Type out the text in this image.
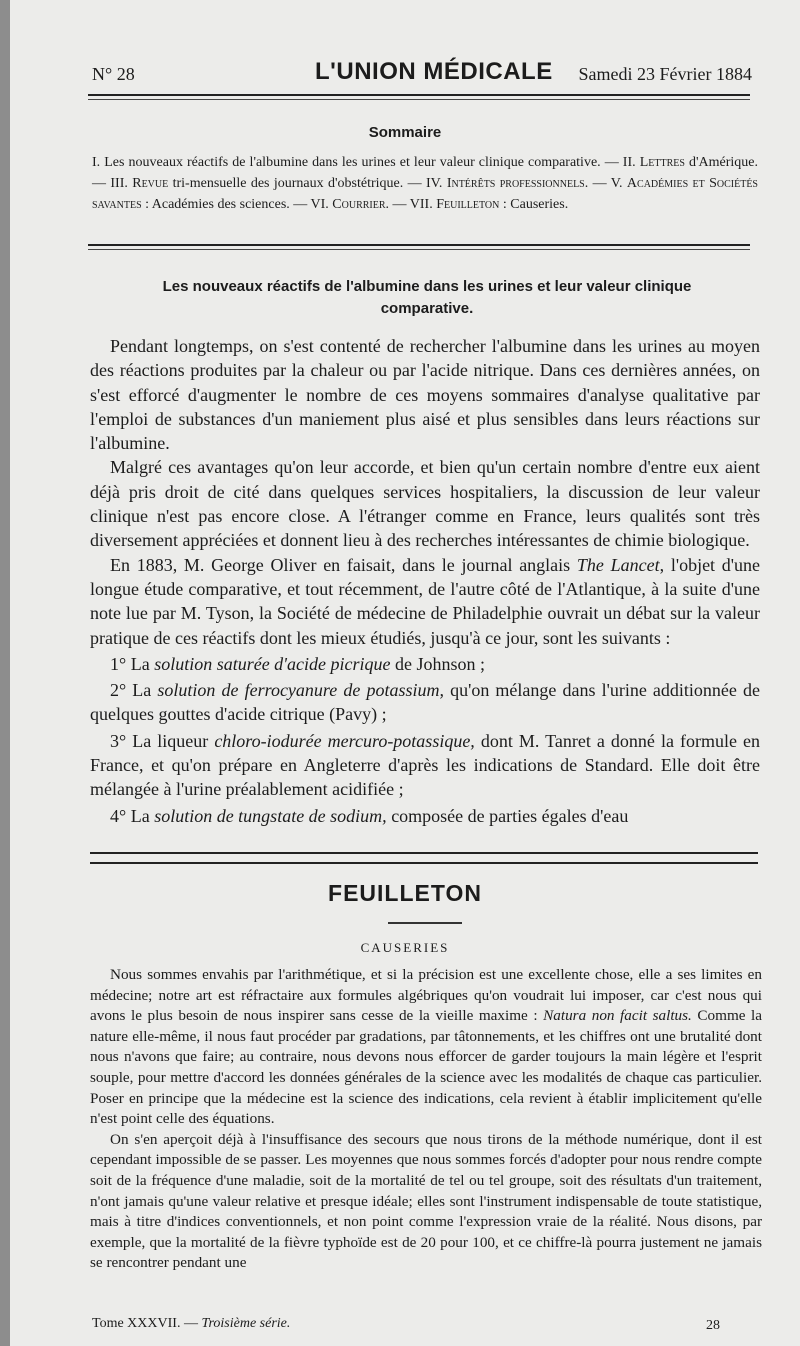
N° 28	L'UNION MÉDICALE Samedi 23 Février 1884
Sommaire
I. Les nouveaux réactifs de l'albumine dans les urines et leur valeur clinique comparative. — II. Lettres d'Amérique. — III. Revue tri-mensuelle des journaux d'obstétrique. — IV. Intérêts professionnels. — V. Académies et Sociétés savantes : Académies des sciences. — VI. Courrier. — VII. Feuilleton : Causeries.
Les nouveaux réactifs de l'albumine dans les urines et leur valeur clinique
comparative.

Pendant longtemps, on s'est contenté de rechercher l'albumine dans les urines au moyen des réactions produites par la chaleur ou par l'acide nitrique. Dans ces dernières années, on s'est efforcé d'augmenter le nombre de ces moyens sommaires d'analyse qualitative par l'emploi de substances d'un maniement plus aisé et plus sensibles dans leurs réactions sur l'albumine.

Malgré ces avantages qu'on leur accorde, et bien qu'un certain nombre d'entre eux aient déjà pris droit de cité dans quelques services hospitaliers, la discussion de leur valeur clinique n'est pas encore close. A l'étranger comme en France, leurs qualités sont très diversement appréciées et donnent lieu à des recherches intéressantes de chimie biologique.

En 1883, M. George Oliver en faisait, dans le journal anglais The Lancet, l'objet d'une longue étude comparative, et tout récemment, de l'autre côté de l'Atlantique, à la suite d'une note lue par M. Tyson, la Société de médecine de Philadelphie ouvrait un débat sur la valeur pratique de ces réactifs dont les mieux étudiés, jusqu'à ce jour, sont les suivants :

1° La solution saturée d'acide picrique de Johnson ;

2° La solution de ferrocyanure de potassium, qu'on mélange dans l'urine additionnée de quelques gouttes d'acide citrique (Pavy) ;

3° La liqueur chloro-iodurée mercuro-potassique, dont M. Tanret a donné la formule en France, et qu'on prépare en Angleterre d'après les indications de Standard. Elle doit être mélangée à l'urine préalablement acidifiée ;

4° La solution de tungstate de sodium, composée de parties égales d'eau

FEUILLETON
CAUSERIES

Nous sommes envahis par l'arithmétique, et si la précision est une excellente chose, elle a ses limites en médecine; notre art est réfractaire aux formules algébriques qu'on voudrait lui imposer, car c'est nous qui avons le plus besoin de nous inspirer sans cesse de la vieille maxime : Natura non facit saltus. Comme la nature elle-même, il nous faut procéder par gradations, par tâtonnements, et les chiffres ont une brutalité dont nous n'avons que faire; au contraire, nous devons nous efforcer de garder toujours la main légère et l'esprit souple, pour mettre d'accord les données générales de la science avec les modalités de chaque cas particulier. Poser en principe que la médecine est la science des indications, cela revient à établir implicitement qu'elle n'est point celle des équations.

On s'en aperçoit déjà à l'insuffisance des secours que nous tirons de la méthode numérique, dont il est cependant impossible de se passer. Les moyennes que nous sommes forcés d'adopter pour nous rendre compte soit de la fréquence d'une maladie, soit de la mortalité de tel ou tel groupe, soit des résultats d'un traitement, n'ont jamais qu'une valeur relative et presque idéale; elles sont l'instrument indispensable de toute statistique, mais à titre d'indices conventionnels, et non point comme l'expression vraie de la réalité. Nous disons, par exemple, que la mortalité de la fièvre typhoïde est de 20 pour 100, et ce chiffre-là pourra justement ne jamais se rencontrer pendant une

Tome XXXVII. — Troisième série.	28
